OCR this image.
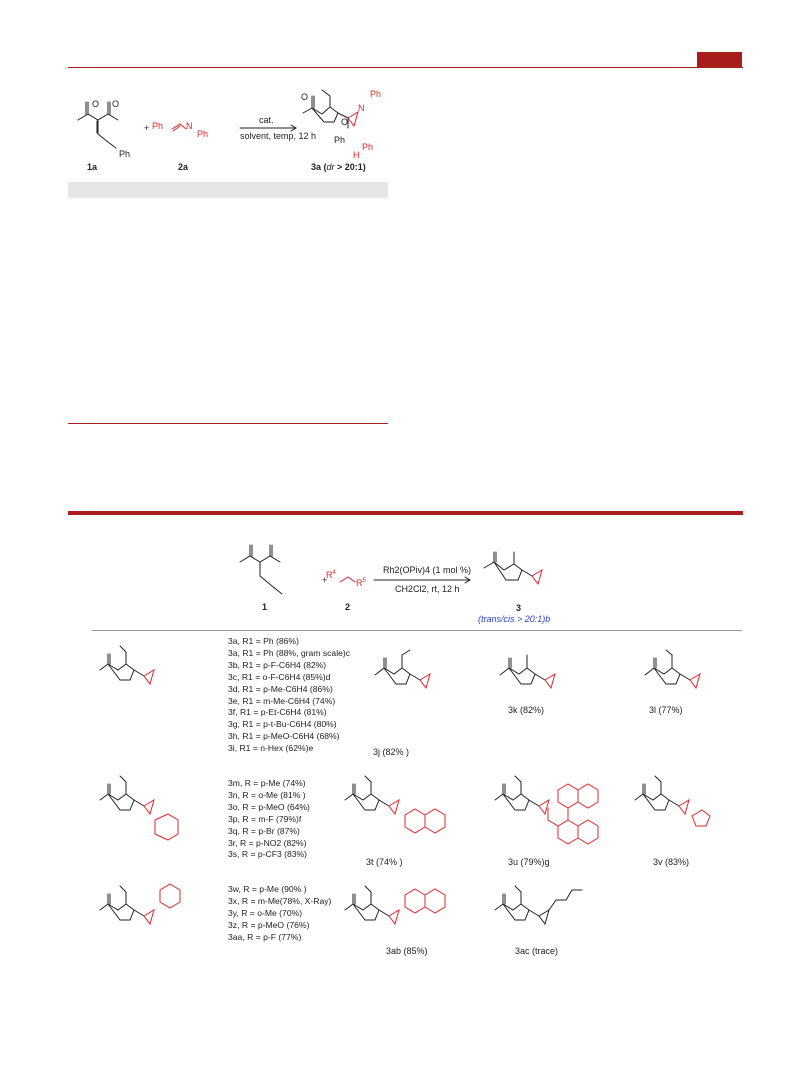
O O
Ph
Ph	N
Ph
O
O
N
Ph
Ph
Ph
H
cat.
solvent, temp, 12 h
+
1a	2a	3a (dr > 20:1)
Rh2(OPiv)4 (1 mol %)
CH2Cl2, rt, 12 h
1	2	3
(trans/cis > 20:1)b
+
$R^4$
$R^5$
3a, R1 = Ph (86%)
3a, R1 = Ph (88%, gram scale)c
3b, R1 = p-F-C6H4 (82%)
3c, R1 = o-F-C6H4 (85%)d
3d, R1 = p-Me-C6H4 (86%)
3e, R1 = m-Me-C6H4 (74%)
3f, R1 = p-Et-C6H4 (81%)
3g, R1 = p-t-Bu-C6H4 (80%)
3h, R1 = p-MeO-C6H4 (68%)
3i, R1 = n-Hex (62%)e	3j (82% )
3k (82%)	3l (77%)
3m, R = p-Me (74%)
3n, R = o-Me (81% )
3o, R = p-MeO (64%)
3p, R = m-F (79%)f
3q, R = p-Br (87%)
3r, R = p-NO2 (82%)
3s, R = p-CF3 (83%)
3t (74% )	3u (79%)g	3v (83%)
3w, R = p-Me (90% )
3x, R = m-Me(78%, X-Ray)
3y, R = o-Me (70%)
3z, R = p-MeO (76%)
3aa, R = p-F (77%)
3ab (85%)	3ac (trace)
